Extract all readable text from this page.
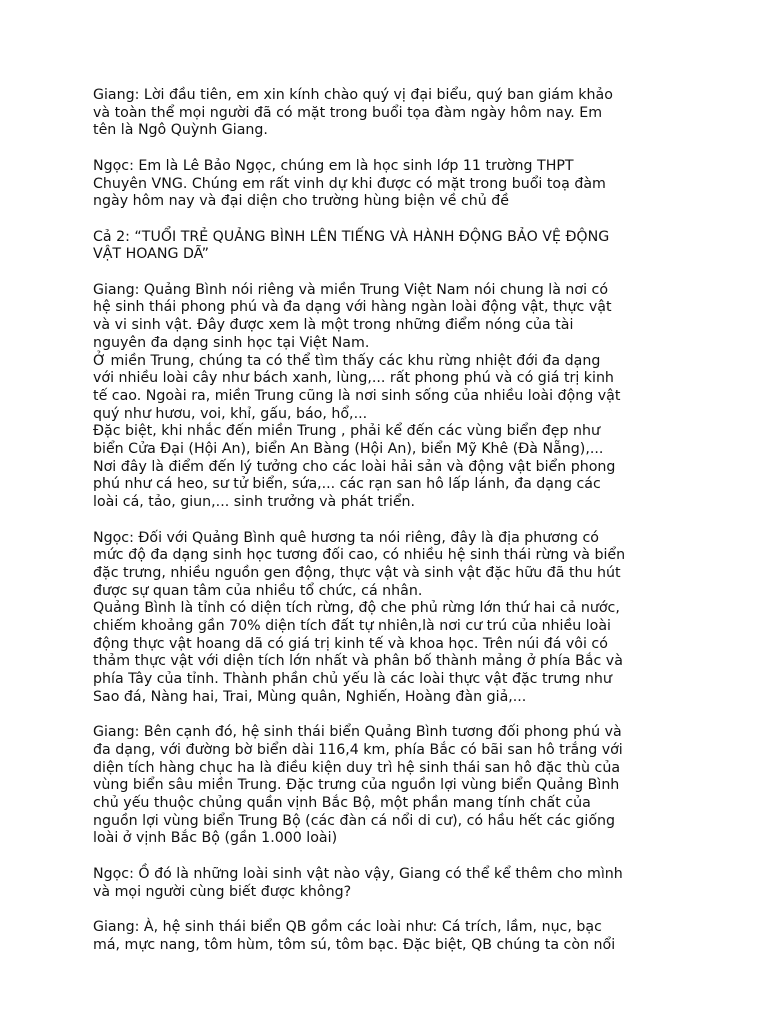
Giang: Lời đầu tiên, em xin kính chào quý vị đại biểu, quý ban giám khảo
và toàn thể mọi người đã có mặt trong buổi tọa đàm ngày hôm nay. Em
tên là Ngô Quỳnh Giang.
Ngọc: Em là Lê Bảo Ngọc, chúng em là học sinh lớp 11 trường THPT
Chuyên VNG. Chúng em rất vinh dự khi được có mặt trong buổi toạ đàm
ngày hôm nay và đại diện cho trường hùng biện về chủ đề
Cả 2: “TUỔI TRẺ QUẢNG BÌNH LÊN TIẾNG VÀ HÀNH ĐỘNG BẢO VỆ ĐỘNG
VẬT HOANG DÃ”
Giang: Quảng Bình nói riêng và miền Trung Việt Nam nói chung là nơi có
hệ sinh thái phong phú và đa dạng với hàng ngàn loài động vật, thực vật
và vi sinh vật. Đây được xem là một trong những điểm nóng của tài
nguyên đa dạng sinh học tại Việt Nam.
Ở miền Trung, chúng ta có thể tìm thấy các khu rừng nhiệt đới đa dạng
với nhiều loài cây như bách xanh, lùng,... rất phong phú và có giá trị kinh
tế cao. Ngoài ra, miền Trung cũng là nơi sinh sống của nhiều loài động vật
quý như hươu, voi, khỉ, gấu, báo, hổ,...
Đặc biệt, khi nhắc đến miền Trung , phải kể đến các vùng biển đẹp như
biển Cửa Đại (Hội An), biển An Bàng (Hội An), biển Mỹ Khê (Đà Nẵng),...
Nơi đây là điểm đến lý tưởng cho các loài hải sản và động vật biển phong
phú như cá heo, sư tử biển, sứa,... các rạn san hô lấp lánh, đa dạng các
loài cá, tảo, giun,... sinh trưởng và phát triển.
Ngọc: Đối với Quảng Bình quê hương ta nói riêng, đây là địa phương có
mức độ đa dạng sinh học tương đối cao, có nhiều hệ sinh thái rừng và biển
đặc trưng, nhiều nguồn gen động, thực vật và sinh vật đặc hữu đã thu hút
được sự quan tâm của nhiều tổ chức, cá nhân.
Quảng Bình là tỉnh có diện tích rừng, độ che phủ rừng lớn thứ hai cả nước,
chiếm khoảng gần 70% diện tích đất tự nhiên,là nơi cư trú của nhiều loài
động thực vật hoang dã có giá trị kinh tế và khoa học. Trên núi đá vôi có
thảm thực vật với diện tích lớn nhất và phân bố thành mảng ở phía Bắc và
phía Tây của tỉnh. Thành phần chủ yếu là các loài thực vật đặc trưng như
Sao đá, Nàng hai, Trai, Mùng quân, Nghiến, Hoàng đàn giả,...
Giang: Bên cạnh đó, hệ sinh thái biển Quảng Bình tương đối phong phú và
đa dạng, với đường bờ biển dài 116,4 km, phía Bắc có bãi san hô trắng với
diện tích hàng chục ha là điều kiện duy trì hệ sinh thái san hô đặc thù của
vùng biển sâu miền Trung. Đặc trưng của nguồn lợi vùng biển Quảng Bình
chủ yếu thuộc chủng quần vịnh Bắc Bộ, một phần mang tính chất của
nguồn lợi vùng biển Trung Bộ (các đàn cá nổi di cư), có hầu hết các giống
loài ở vịnh Bắc Bộ (gần 1.000 loài)
Ngọc: Ồ đó là những loài sinh vật nào vậy, Giang có thể kể thêm cho mình
và mọi người cùng biết được không?
Giang: À, hệ sinh thái biển QB gồm các loài như: Cá trích, lầm, nục, bạc
má, mực nang, tôm hùm, tôm sú, tôm bạc. Đặc biệt, QB chúng ta còn nổi
